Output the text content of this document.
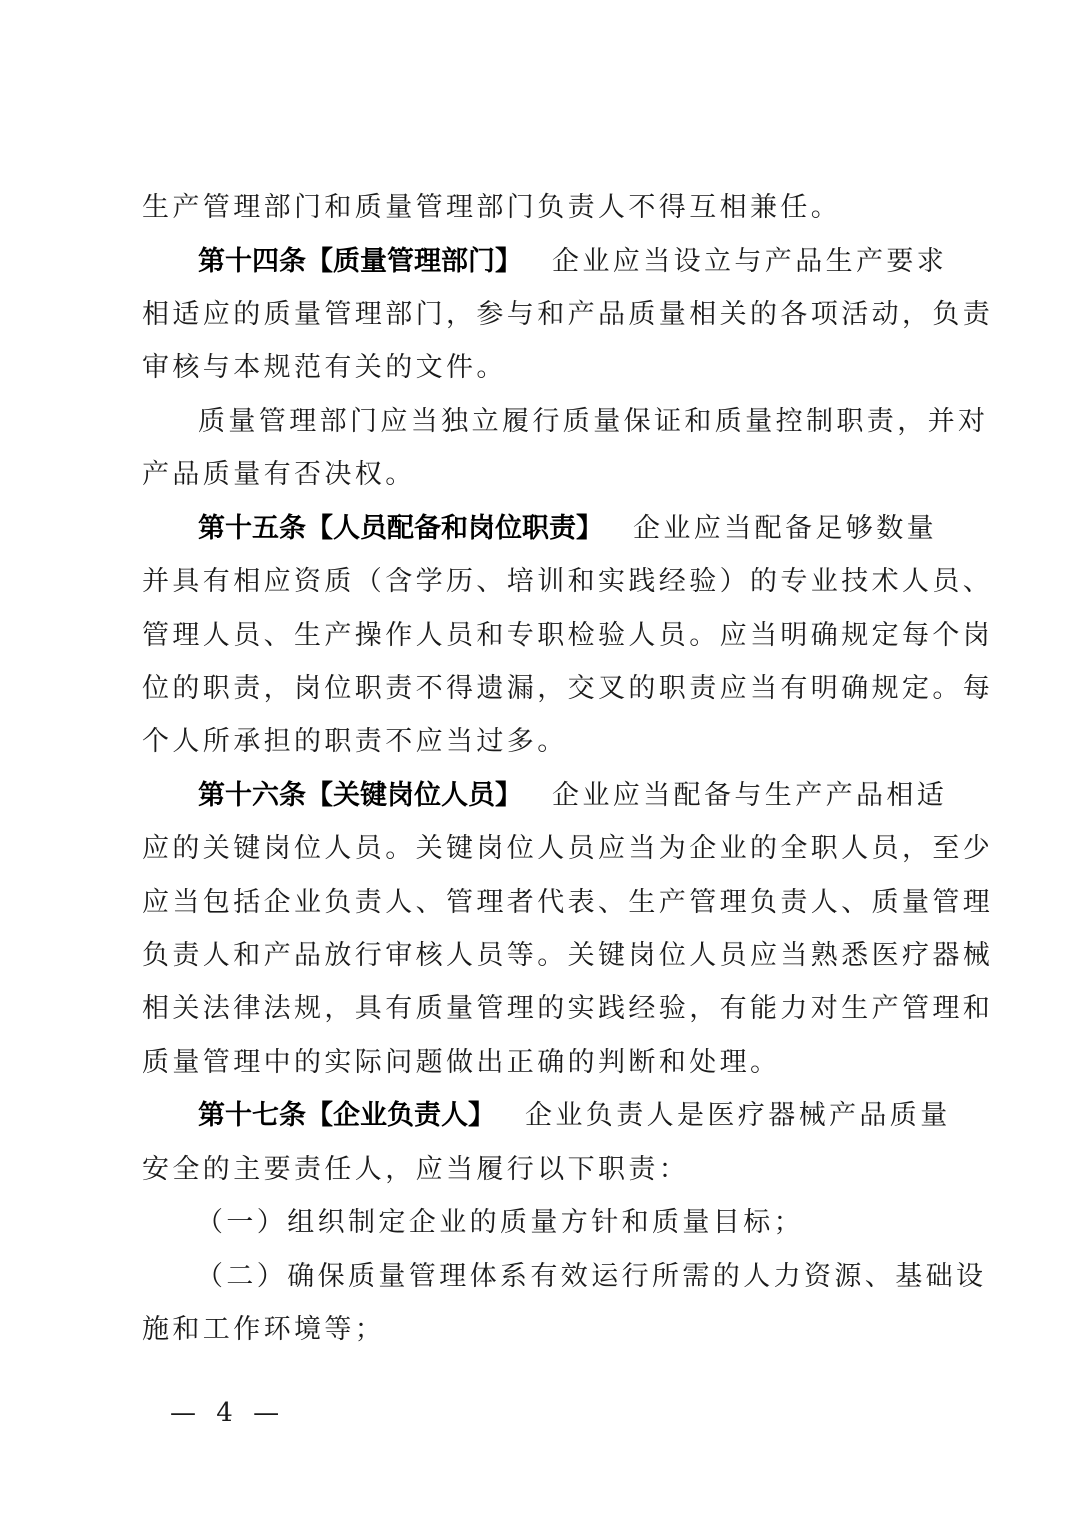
生产管理部门和质量管理部门负责人不得互相兼任。
第十四条【质量管理部门】 企业应当设立与产品生产要求
相适应的质量管理部门，参与和产品质量相关的各项活动，负责
审核与本规范有关的文件。
质量管理部门应当独立履行质量保证和质量控制职责，并对
产品质量有否决权。
第十五条【人员配备和岗位职责】 企业应当配备足够数量
并具有相应资质（含学历、培训和实践经验）的专业技术人员、
管理人员、生产操作人员和专职检验人员。应当明确规定每个岗
位的职责，岗位职责不得遗漏，交叉的职责应当有明确规定。每
个人所承担的职责不应当过多。
第十六条【关键岗位人员】 企业应当配备与生产产品相适
应的关键岗位人员。关键岗位人员应当为企业的全职人员，至少
应当包括企业负责人、管理者代表、生产管理负责人、质量管理
负责人和产品放行审核人员等。关键岗位人员应当熟悉医疗器械
相关法律法规，具有质量管理的实践经验，有能力对生产管理和
质量管理中的实际问题做出正确的判断和处理。
第十七条【企业负责人】 企业负责人是医疗器械产品质量
安全的主要责任人，应当履行以下职责：
（一）组织制定企业的质量方针和质量目标；
（二）确保质量管理体系有效运行所需的人力资源、基础设
施和工作环境等；
— 4 —
